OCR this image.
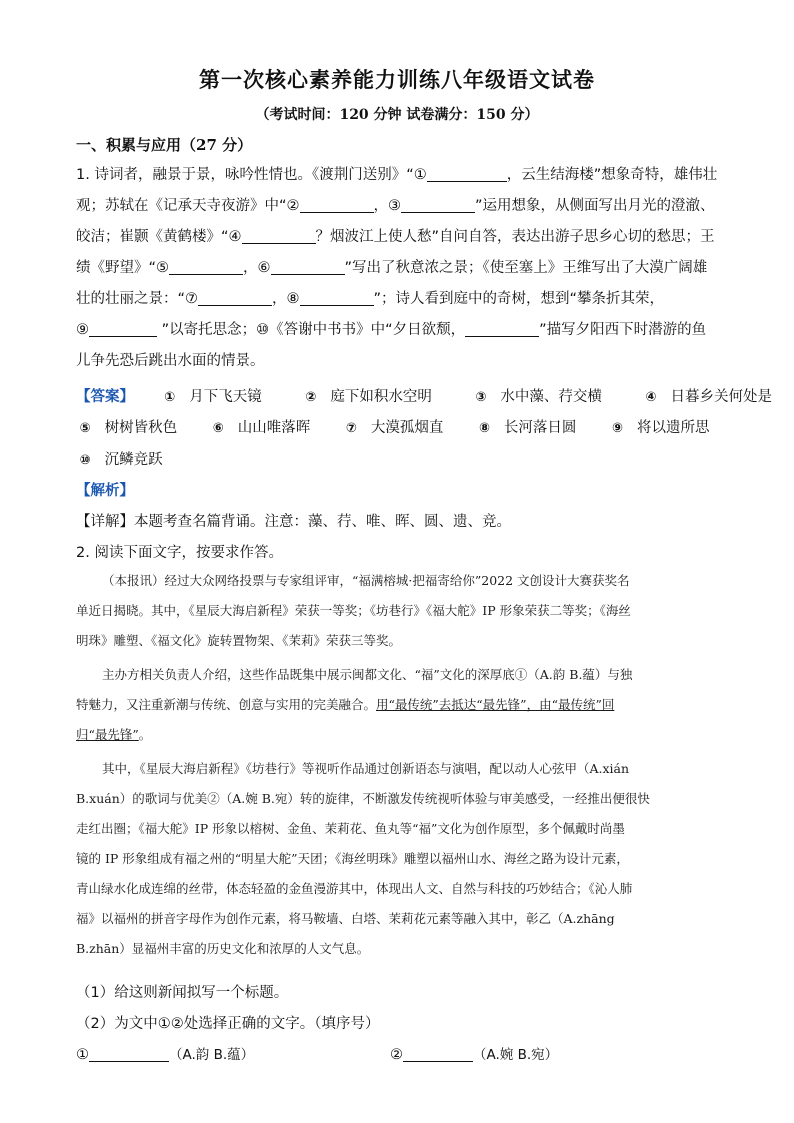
第一次核心素养能力训练八年级语文试卷
（考试时间：120 分钟 试卷满分：150 分）
一、积累与应用（27 分）
1. 诗词者，融景于景，咏吟性情也。《渡荆门送别》“①	，云生结海楼”想象奇特，雄伟壮
观；苏轼在《记承天寺夜游》中“②	，③	”运用想象，从侧面写出月光的澄澈、
皎洁；崔颢《黄鹤楼》“④	？烟波江上使人愁”自问自答，表达出游子思乡心切的愁思；王
绩《野望》“⑤	，⑥	”写出了秋意浓之景；《使至塞上》王维写出了大漠广阔雄
壮的壮丽之景：“⑦	，⑧	”；诗人看到庭中的奇树，想到“攀条折其荣，
⑨	”以寄托思念；⑩《答谢中书书》中“夕日欲颓，	”描写夕阳西下时潜游的鱼
儿争先恐后跳出水面的情景。
【答案】 ① 月下飞天镜	② 庭下如积水空明	③ 水中藻、荇交横	④ 日暮乡关何处是
⑤ 树树皆秋色	⑥ 山山唯落晖	⑦ 大漠孤烟直	⑧ 长河落日圆	⑨ 将以遗所思
⑩ 沉鳞竞跃
【解析】
【详解】本题考查名篇背诵。注意：藻、荇、唯、晖、圆、遗、竞。
2. 阅读下面文字，按要求作答。
（本报讯）经过大众网络投票与专家组评审，“福满榕城·把福寄给你”2022 文创设计大赛获奖名
单近日揭晓。其中，《星辰大海启新程》荣获一等奖；《坊巷行》《福大舵》IP 形象荣获二等奖；《海丝
明珠》雕塑、《福文化》旋转置物架、《茉莉》荣获三等奖。
主办方相关负责人介绍，这些作品既集中展示闽都文化、“福”文化的深厚底①（A.韵 B.蕴）与独
特魅力，又注重新潮与传统、创意与实用的完美融合。用“最传统”去抵达“最先锋”，由“最传统”回
归“最先锋”。
其中，《星辰大海启新程》《坊巷行》等视听作品通过创新语态与演唱，配以动人心弦甲（A.xián
B.xuán）的歌词与优美②（A.婉 B.宛）转的旋律，不断激发传统视听体验与审美感受，一经推出便很快
走红出圈；《福大舵》IP 形象以榕树、金鱼、茉莉花、鱼丸等“福”文化为创作原型，多个佩戴时尚墨
镜的 IP 形象组成有福之州的“明星大舵”天团；《海丝明珠》雕塑以福州山水、海丝之路为设计元素，
青山绿水化成连绵的丝带，体态轻盈的金鱼漫游其中，体现出人文、自然与科技的巧妙结合；《沁人肺
福》以福州的拼音字母作为创作元素，将马鞍墙、白塔、茉莉花元素等融入其中，彰乙（A.zhāng
B.zhān）显福州丰富的历史文化和浓厚的人文气息。
（1）给这则新闻拟写一个标题。
（2）为文中①②处选择正确的文字。（填序号）
①	（A.韵 B.蕴）	②	（A.婉 B.宛）
